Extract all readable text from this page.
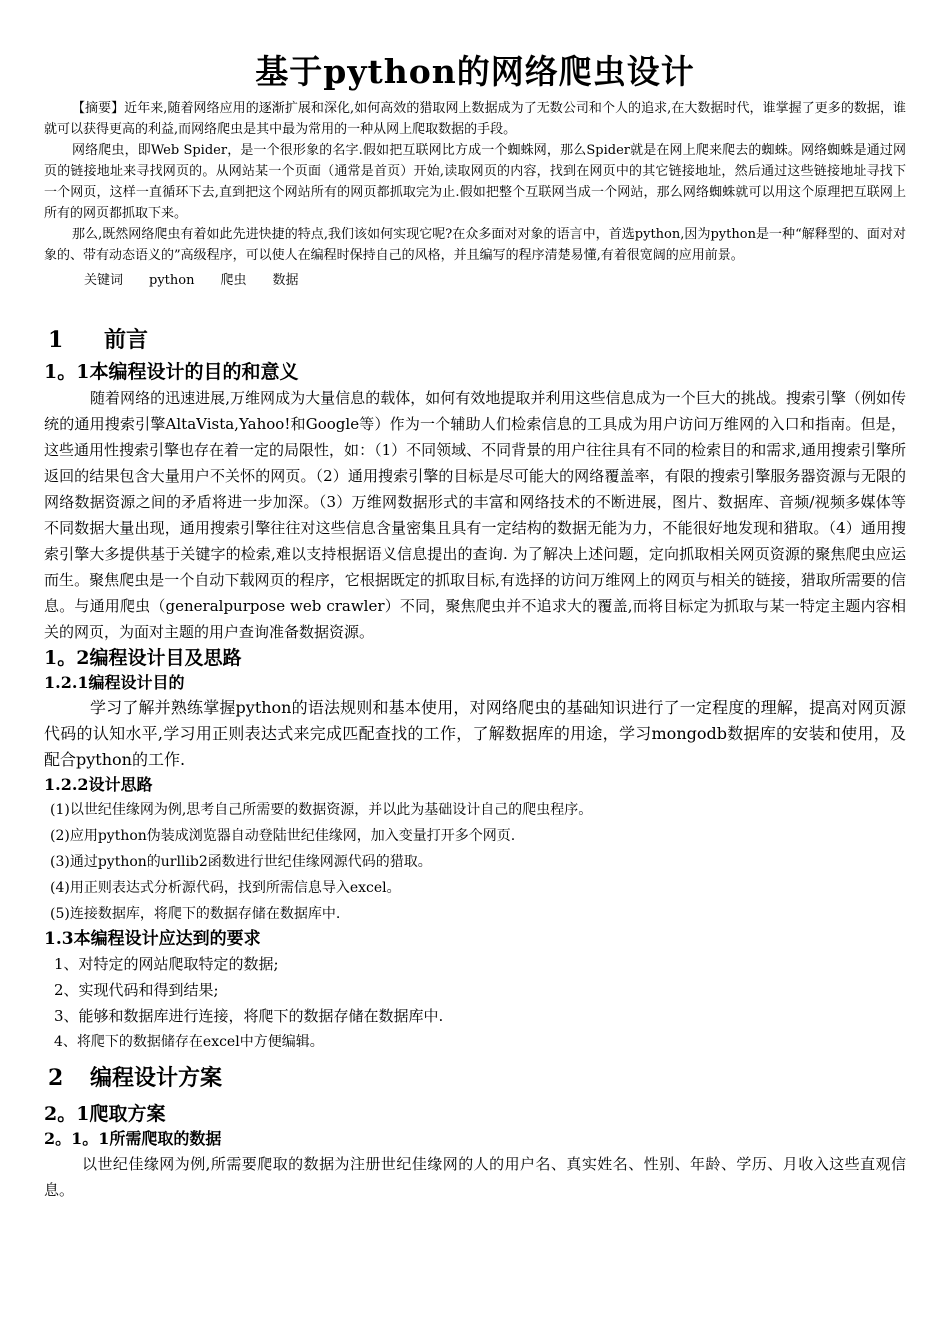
基于python的网络爬虫设计

【摘要】近年来,随着网络应用的逐渐扩展和深化,如何高效的猎取网上数据成为了无数公司和个人的追求,在大数据时代，谁掌握了更多的数据，谁就可以获得更高的利益,而网络爬虫是其中最为常用的一种从网上爬取数据的手段。

网络爬虫，即Web Spider，是一个很形象的名字.假如把互联网比方成一个蜘蛛网，那么Spider就是在网上爬来爬去的蜘蛛。网络蜘蛛是通过网页的链接地址来寻找网页的。从网站某一个页面（通常是首页）开始,读取网页的内容，找到在网页中的其它链接地址，然后通过这些链接地址寻找下一个网页，这样一直循环下去,直到把这个网站所有的网页都抓取完为止.假如把整个互联网当成一个网站，那么网络蜘蛛就可以用这个原理把互联网上所有的网页都抓取下来。

那么,既然网络爬虫有着如此先进快捷的特点,我们该如何实现它呢?在众多面对对象的语言中，首选python,因为python是一种“解释型的、面对对象的、带有动态语义的”高级程序，可以使人在编程时保持自己的风格，并且编写的程序清楚易懂,有着很宽阔的应用前景。

关键词 python 爬虫 数据

1 前言
1。1本编程设计的目的和意义

随着网络的迅速进展,万维网成为大量信息的载体，如何有效地提取并利用这些信息成为一个巨大的挑战。搜索引擎（例如传统的通用搜索引擎AltaVista,Yahoo!和Google等）作为一个辅助人们检索信息的工具成为用户访问万维网的入口和指南。但是，这些通用性搜索引擎也存在着一定的局限性，如：（1）不同领域、不同背景的用户往往具有不同的检索目的和需求,通用搜索引擎所返回的结果包含大量用户不关怀的网页。（2）通用搜索引擎的目标是尽可能大的网络覆盖率，有限的搜索引擎服务器资源与无限的网络数据资源之间的矛盾将进一步加深。（3）万维网数据形式的丰富和网络技术的不断进展，图片、数据库、音频/视频多媒体等不同数据大量出现，通用搜索引擎往往对这些信息含量密集且具有一定结构的数据无能为力，不能很好地发现和猎取。（4）通用搜索引擎大多提供基于关键字的检索,难以支持根据语义信息提出的查询. 为了解决上述问题，定向抓取相关网页资源的聚焦爬虫应运而生。聚焦爬虫是一个自动下载网页的程序，它根据既定的抓取目标,有选择的访问万维网上的网页与相关的链接，猎取所需要的信息。与通用爬虫（generalpurpose web crawler）不同，聚焦爬虫并不追求大的覆盖,而将目标定为抓取与某一特定主题内容相关的网页，为面对主题的用户查询准备数据资源。

1。2编程设计目及思路
1.2.1编程设计目的

学习了解并熟练掌握python的语法规则和基本使用，对网络爬虫的基础知识进行了一定程度的理解，提高对网页源代码的认知水平,学习用正则表达式来完成匹配查找的工作，了解数据库的用途，学习mongodb数据库的安装和使用，及配合python的工作.

1.2.2设计思路

(1)以世纪佳缘网为例,思考自己所需要的数据资源，并以此为基础设计自己的爬虫程序。

(2)应用python伪装成浏览器自动登陆世纪佳缘网，加入变量打开多个网页.

(3)通过python的urllib2函数进行世纪佳缘网源代码的猎取。

(4)用正则表达式分析源代码，找到所需信息导入excel。

(5)连接数据库，将爬下的数据存储在数据库中.

1.3本编程设计应达到的要求

1、对特定的网站爬取特定的数据;

2、实现代码和得到结果;

3、能够和数据库进行连接，将爬下的数据存储在数据库中.

4、将爬下的数据储存在excel中方便编辑。

2 编程设计方案
2。1爬取方案
2。1。1所需爬取的数据

以世纪佳缘网为例,所需要爬取的数据为注册世纪佳缘网的人的用户名、真实姓名、性别、年龄、学历、月收入这些直观信息。
